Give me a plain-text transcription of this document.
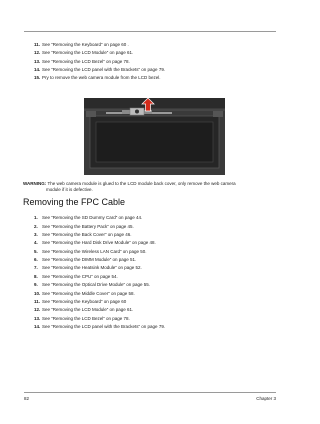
11. See “Removing the Keyboard” on page 60 .
12. See “Removing the LCD Module” on page 61.
13. See “Removing the LCD Bezel” on page 78.
14. See “Removing the LCD panel with the Brackets” on page 79.
15. Pry to remove the web camera module from the LCD bezel.
WARNING: The web camera module is glued to the LCD module back cover, only remove the web camera
module if it is defective.
Removing the FPC Cable
1. See “Removing the SD Dummy Card” on page 44.
2. See “Removing the Battery Pack” on page 45.
3. See “Removing the Back Cover” on page 46.
4. See “Removing the Hard Disk Drive Module” on page 48.
5. See “Removing the Wireless LAN Card” on page 50.
6. See “Removing the DIMM Module” on page 51.
7. See “Removing the Heatsink Module” on page 52.
8. See “Removing the CPU” on page 54.
9. See “Removing the Optical Drive Module” on page 55.
10. See “Removing the Middle Cover” on page 58.
11. See “Removing the Keyboard” on page 60
12. See “Removing the LCD Module” on page 61.
13. See “Removing the LCD Bezel” on page 78.
14. See “Removing the LCD panel with the Brackets” on page 79.
82	Chapter 3
